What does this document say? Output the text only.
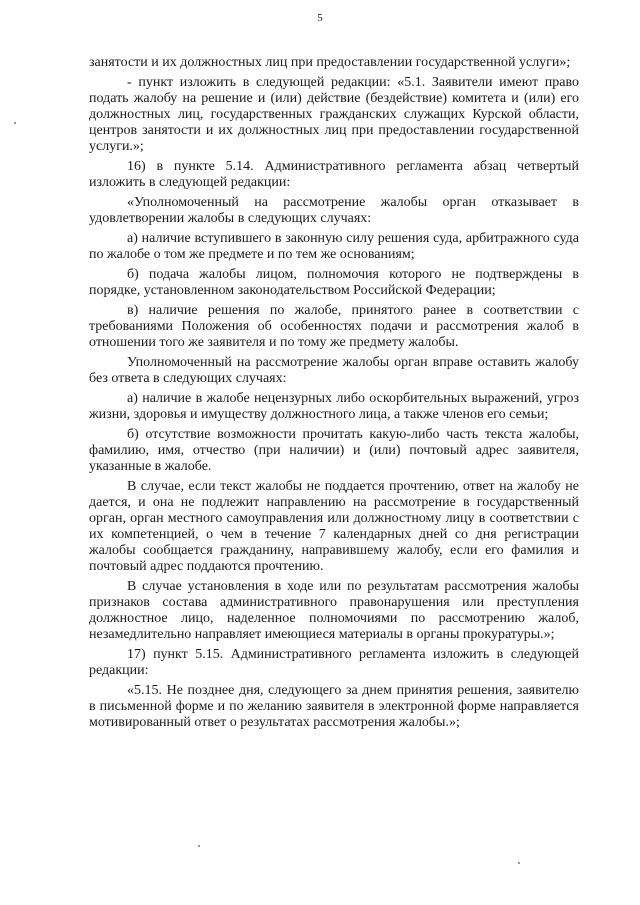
5

занятости и их должностных лиц при предоставлении государственной услуги»;

- пункт изложить в следующей редакции: «5.1. Заявители имеют право подать жалобу на решение и (или) действие (бездействие) комитета и (или) его должностных лиц, государственных гражданских служащих Курской области, центров занятости и их должностных лиц при предоставлении государственной услуги.»;

16) в пункте 5.14. Административного регламента абзац четвертый изложить в следующей редакции:

«Уполномоченный на рассмотрение жалобы орган отказывает в удовлетворении жалобы в следующих случаях:

а) наличие вступившего в законную силу решения суда, арбитражного суда по жалобе о том же предмете и по тем же основаниям;

б) подача жалобы лицом, полномочия которого не подтверждены в порядке, установленном законодательством Российской Федерации;

в) наличие решения по жалобе, принятого ранее в соответствии с требованиями Положения об особенностях подачи и рассмотрения жалоб в отношении того же заявителя и по тому же предмету жалобы.

Уполномоченный на рассмотрение жалобы орган вправе оставить жалобу без ответа в следующих случаях:

а) наличие в жалобе нецензурных либо оскорбительных выражений, угроз жизни, здоровья и имуществу должностного лица, а также членов его семьи;

б) отсутствие возможности прочитать какую-либо часть текста жалобы, фамилию, имя, отчество (при наличии) и (или) почтовый адрес заявителя, указанные в жалобе.

В случае, если текст жалобы не поддается прочтению, ответ на жалобу не дается, и она не подлежит направлению на рассмотрение в государственный орган, орган местного самоуправления или должностному лицу в соответствии с их компетенцией, о чем в течение 7 календарных дней со дня регистрации жалобы сообщается гражданину, направившему жалобу, если его фамилия и почтовый адрес поддаются прочтению.

В случае установления в ходе или по результатам рассмотрения жалобы признаков состава административного правонарушения или преступления должностное лицо, наделенное полномочиями по рассмотрению жалоб, незамедлительно направляет имеющиеся материалы в органы прокуратуры.»;

17) пункт 5.15. Административного регламента изложить в следующей редакции:

«5.15. Не позднее дня, следующего за днем принятия решения, заявителю в письменной форме и по желанию заявителя в электронной форме направляется мотивированный ответ о результатах рассмотрения жалобы.»;
